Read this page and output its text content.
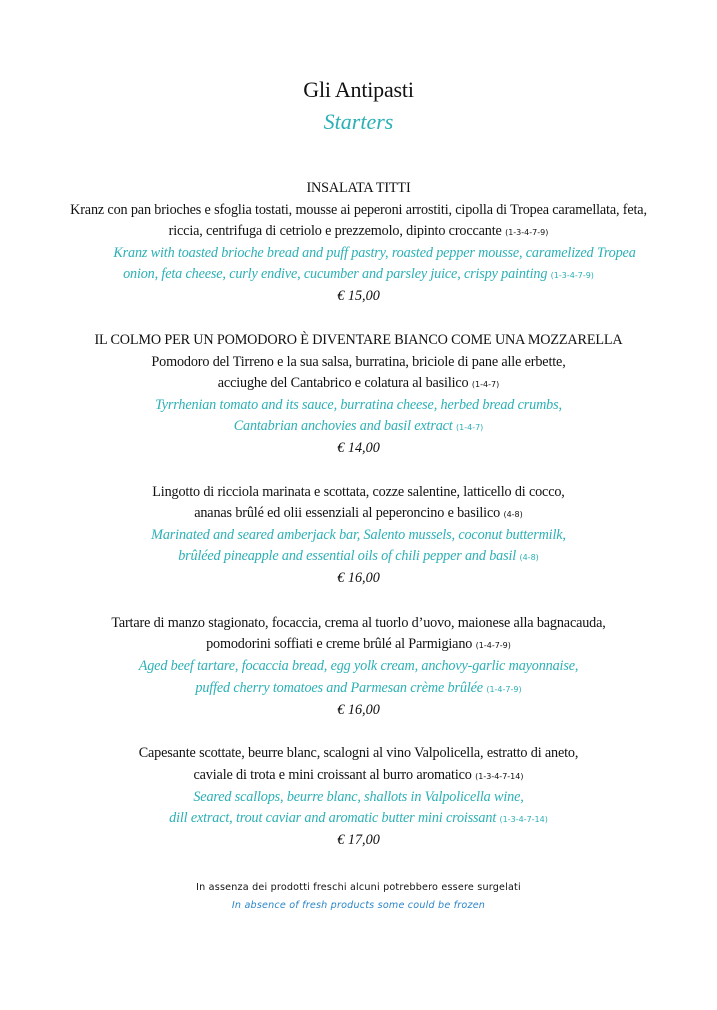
Gli Antipasti
Starters
INSALATA TITTI
Kranz con pan brioches e sfoglia tostati, mousse ai peperoni arrostiti, cipolla di Tropea caramellata, feta,
riccia, centrifuga di cetriolo e prezzemolo, dipinto croccante (1-3-4-7-9)
Kranz with toasted brioche bread and puff pastry, roasted pepper mousse, caramelized Tropea
onion, feta cheese, curly endive, cucumber and parsley juice, crispy painting (1-3-4-7-9)
€ 15,00
IL COLMO PER UN POMODORO È DIVENTARE BIANCO COME UNA MOZZARELLA
Pomodoro del Tirreno e la sua salsa, burratina, briciole di pane alle erbette,
acciughe del Cantabrico e colatura al basilico (1-4-7)
Tyrrhenian tomato and its sauce, burratina cheese, herbed bread crumbs,
Cantabrian anchovies and basil extract (1-4-7)
€ 14,00
Lingotto di ricciola marinata e scottata, cozze salentine, latticello di cocco,
ananas brûlé ed olii essenziali al peperoncino e basilico (4-8)
Marinated and seared amberjack bar, Salento mussels, coconut buttermilk,
brûléed pineapple and essential oils of chili pepper and basil (4-8)
€ 16,00
Tartare di manzo stagionato, focaccia, crema al tuorlo d’uovo, maionese alla bagnacauda,
pomodorini soffiati e creme brûlé al Parmigiano (1-4-7-9)
Aged beef tartare, focaccia bread, egg yolk cream, anchovy-garlic mayonnaise,
puffed cherry tomatoes and Parmesan crème brûlée (1-4-7-9)
€ 16,00
Capesante scottate, beurre blanc, scalogni al vino Valpolicella, estratto di aneto,
caviale di trota e mini croissant al burro aromatico (1-3-4-7-14)
Seared scallops, beurre blanc, shallots in Valpolicella wine,
dill extract, trout caviar and aromatic butter mini croissant (1-3-4-7-14)
€ 17,00
In assenza dei prodotti freschi alcuni potrebbero essere surgelati
In absence of fresh products some could be frozen
